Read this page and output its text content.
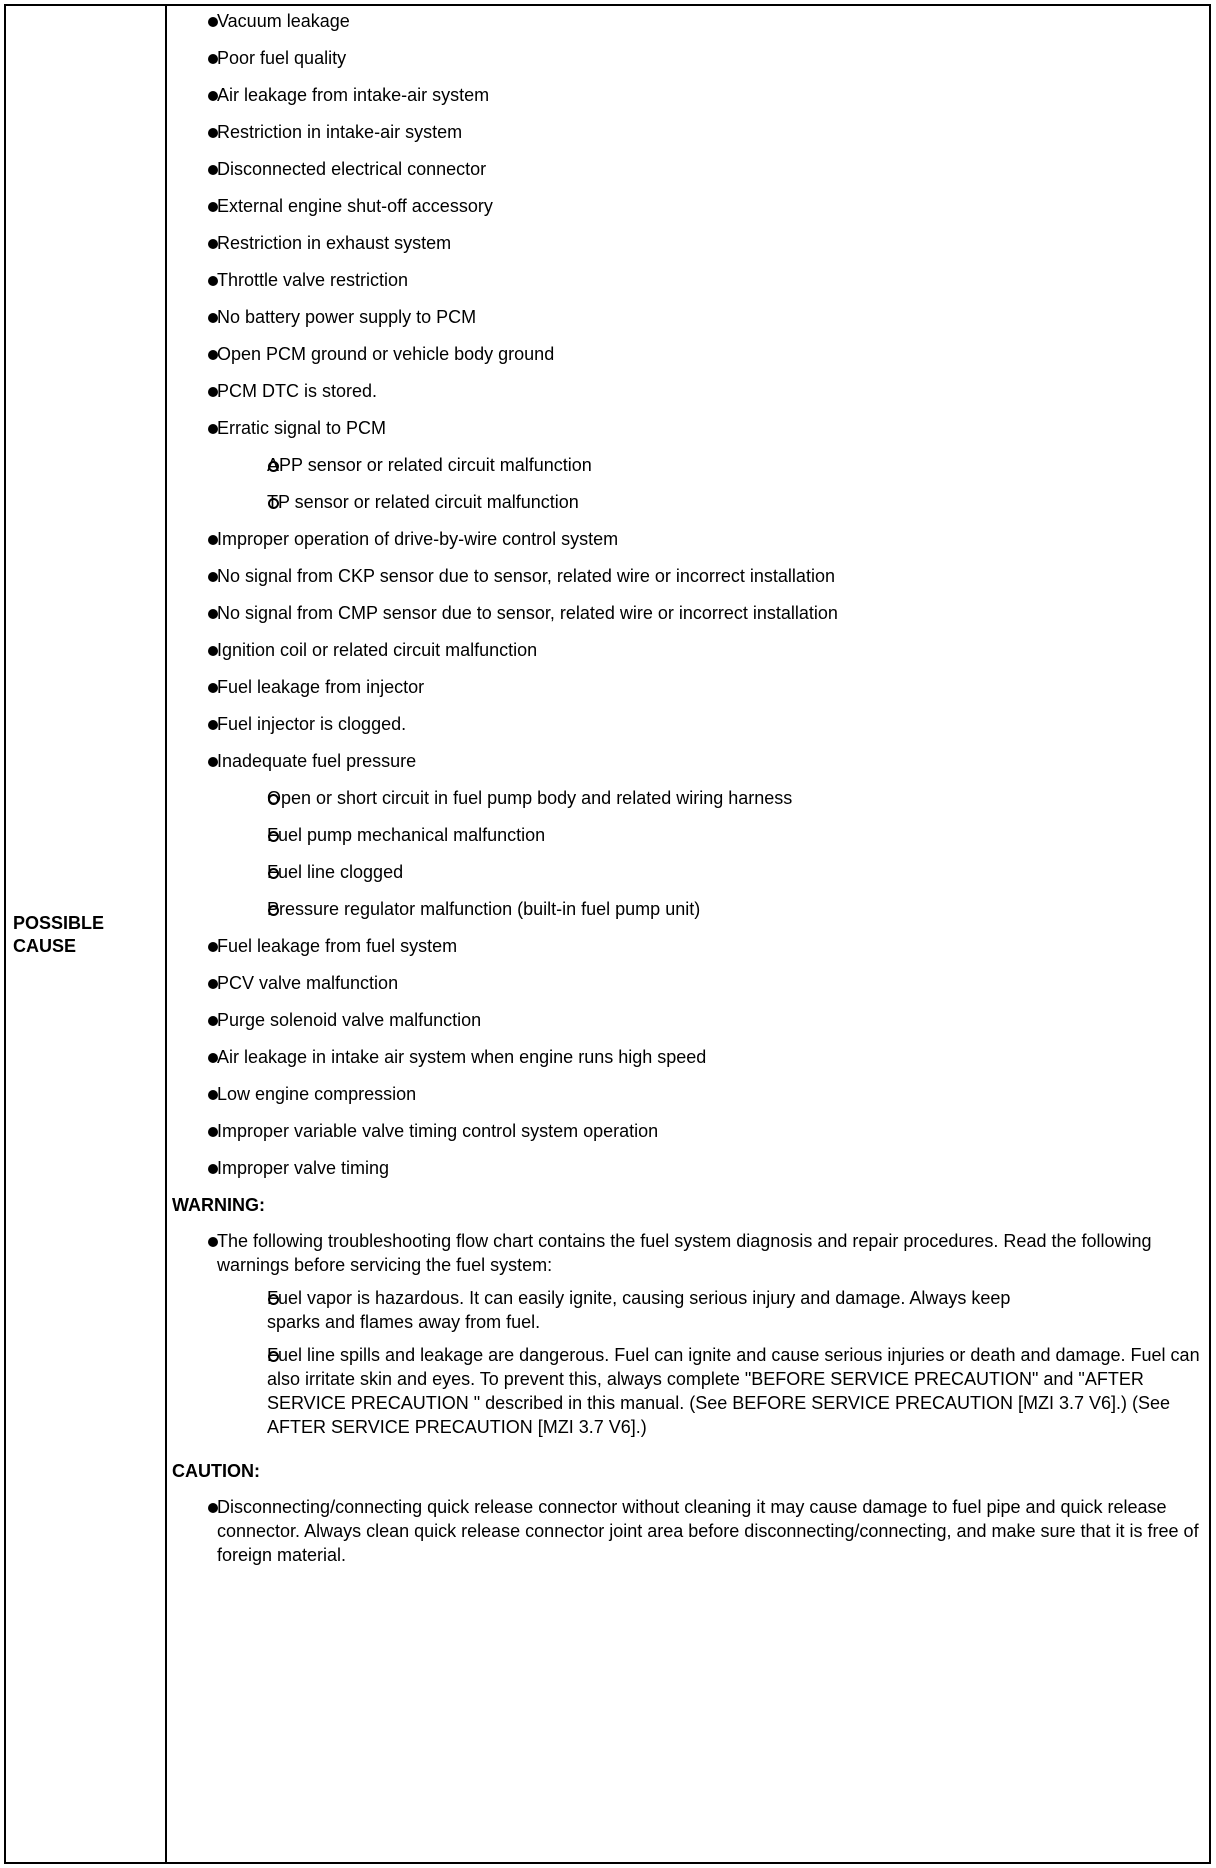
POSSIBLE
CAUSE
Vacuum leakage
Poor fuel quality
Air leakage from intake-air system
Restriction in intake-air system
Disconnected electrical connector
External engine shut-off accessory
Restriction in exhaust system
Throttle valve restriction
No battery power supply to PCM
Open PCM ground or vehicle body ground
PCM DTC is stored.
Erratic signal to PCM
APP sensor or related circuit malfunction
TP sensor or related circuit malfunction
Improper operation of drive-by-wire control system
No signal from CKP sensor due to sensor, related wire or incorrect installation
No signal from CMP sensor due to sensor, related wire or incorrect installation
Ignition coil or related circuit malfunction
Fuel leakage from injector
Fuel injector is clogged.
Inadequate fuel pressure
Open or short circuit in fuel pump body and related wiring harness
Fuel pump mechanical malfunction
Fuel line clogged
Pressure regulator malfunction (built-in fuel pump unit)
Fuel leakage from fuel system
PCV valve malfunction
Purge solenoid valve malfunction
Air leakage in intake air system when engine runs high speed
Low engine compression
Improper variable valve timing control system operation
Improper valve timing
WARNING:
The following troubleshooting flow chart contains the fuel system diagnosis and repair procedures. Read the following warnings before servicing the fuel system:
Fuel vapor is hazardous. It can easily ignite, causing serious injury and damage. Always keep sparks and flames away from fuel.
Fuel line spills and leakage are dangerous. Fuel can ignite and cause serious injuries or death and damage. Fuel can also irritate skin and eyes. To prevent this, always complete "BEFORE SERVICE PRECAUTION" and "AFTER SERVICE PRECAUTION " described in this manual. (See BEFORE SERVICE PRECAUTION [MZI 3.7 V6].) (See AFTER SERVICE PRECAUTION [MZI 3.7 V6].)
CAUTION:
Disconnecting/connecting quick release connector without cleaning it may cause damage to fuel pipe and quick release connector. Always clean quick release connector joint area before disconnecting/connecting, and make sure that it is free of foreign material.
